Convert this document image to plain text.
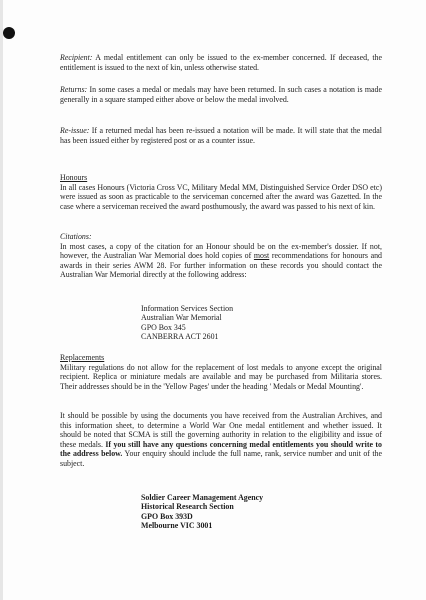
Recipient: A medal entitlement can only be issued to the ex-member concerned. If deceased, the entitlement is issued to the next of kin, unless otherwise stated.

Returns: In some cases a medal or medals may have been returned. In such cases a notation is made generally in a square stamped either above or below the medal involved.

Re-issue: If a returned medal has been re-issued a notation will be made. It will state that the medal has been issued either by registered post or as a counter issue.

Honours
In all cases Honours (Victoria Cross VC, Military Medal MM, Distinguished Service Order DSO etc) were issued as soon as practicable to the serviceman concerned after the award was Gazetted. In the case where a serviceman received the award posthumously, the award was passed to his next of kin.
Citations:
In most cases, a copy of the citation for an Honour should be on the ex-member's dossier. If not, however, the Australian War Memorial does hold copies of most recommendations for honours and awards in their series AWM 28. For further information on these records you should contact the Australian War Memorial directly at the following address:
Information Services Section
Australian War Memorial
GPO Box 345
CANBERRA ACT 2601
Replacements
Military regulations do not allow for the replacement of lost medals to anyone except the original recipient. Replica or miniature medals are available and may be purchased from Militaria stores. Their addresses should be in the 'Yellow Pages' under the heading ' Medals or Medal Mounting'.

It should be possible by using the documents you have received from the Australian Archives, and this information sheet, to determine a World War One medal entitlement and whether issued. It should be noted that SCMA is still the governing authority in relation to the eligibility and issue of these medals. If you still have any questions concerning medal entitlements you should write to the address below. Your enquiry should include the full name, rank, service number and unit of the subject.

Soldier Career Management Agency
Historical Research Section
GPO Box 393D
Melbourne VIC 3001
